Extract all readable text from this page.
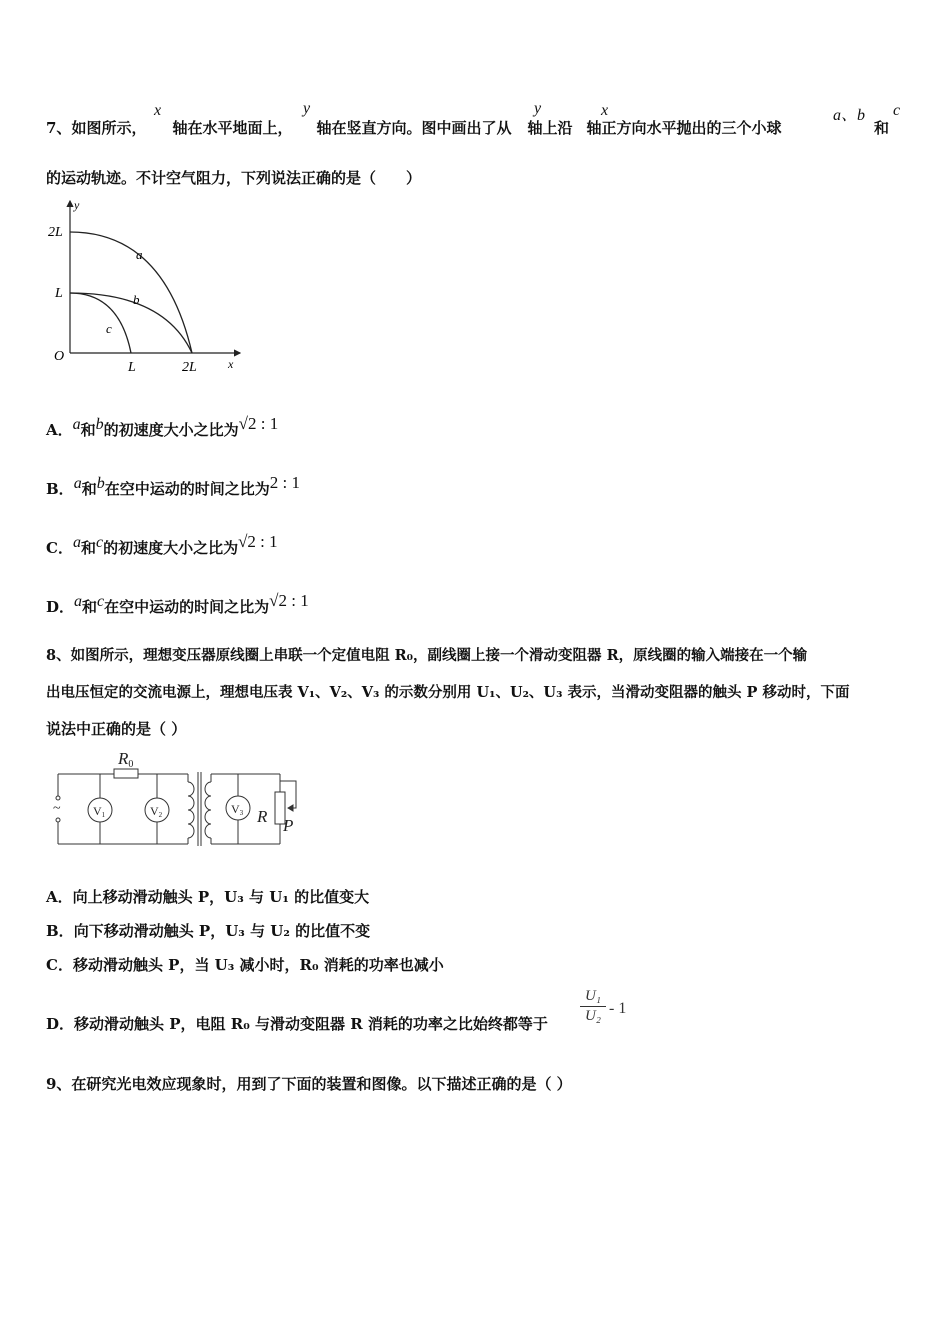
7、如图所示， 轴在水平地面上， 轴在竖直方向。图中画出了从 轴上沿 轴正方向水平抛出的三个小球
x	y	y	x	a、b c
和
的运动轨迹。不计空气阻力，下列说法正确的是（　　）
y
2L
L
O
L	2L	x
a
b
c
A．a和b的初速度大小之比为√2 : 1
B．a和b在空中运动的时间之比为2 : 1
C．a和c的初速度大小之比为√2 : 1
D．a和c在空中运动的时间之比为√2 : 1
8、如图所示，理想变压器原线圈上串联一个定值电阻 R₀，副线圈上接一个滑动变阻器 R，原线圈的输入端接在一个输
出电压恒定的交流电源上，理想电压表 V₁、V₂、V₃ 的示数分别用 U₁、U₂、U₃ 表示，当滑动变阻器的触头 P 移动时，下面
说法中正确的是（ ）
R0
~	V1	V2	V3 R P
A．向上移动滑动触头 P，U₃ 与 U₁ 的比值变大
B．向下移动滑动触头 P，U₃ 与 U₂ 的比值不变
C．移动滑动触头 P，当 U₃ 减小时，R₀ 消耗的功率也减小
D．移动滑动触头 P，电阻 R₀ 与滑动变阻器 R 消耗的功率之比始终都等于
U₁
U₂ - 1
9、在研究光电效应现象时，用到了下面的装置和图像。以下描述正确的是（ ）
